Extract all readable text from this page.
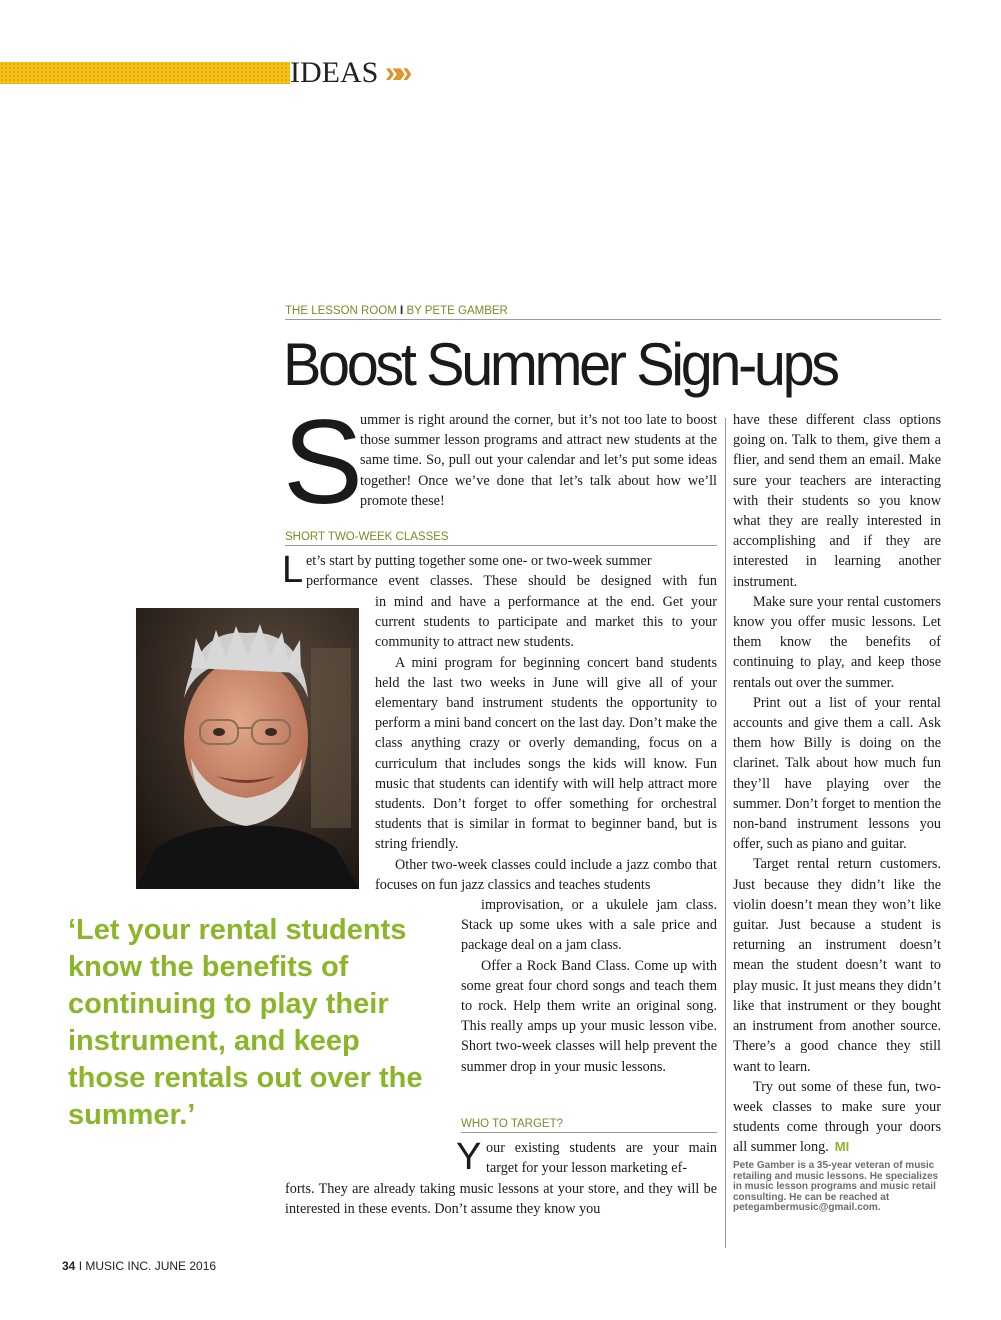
IDEAS »»
THE LESSON ROOM I BY PETE GAMBER
Boost Summer Sign-ups
S

ummer is right around the corner, but it’s not too late to boost those summer lesson programs and attract new students at the same time. So, pull out your calendar and let’s put some ideas together! Once we’ve done that let’s talk about how we’ll promote these!

SHORT TWO-WEEK CLASSES
L et’s start by putting together some one- or two-week summer

performance event classes. These should be designed with fun

in mind and have a performance at the end. Get your current students to participate and market this to your community to attract new students.

A mini program for beginning concert band students held the last two weeks in June will give all of your elementary band instrument students the opportunity to perform a mini band concert on the last day. Don’t make the class anything crazy or overly demanding, focus on a curriculum that includes songs the kids will know. Fun music that students can identify with will help attract more students. Don’t forget to offer something for orchestral students that is similar in format to beginner band, but is string friendly.

Other two-week classes could include a jazz combo that focuses on fun jazz classics and teaches students

improvisation, or a ukulele jam class. Stack up some ukes with a sale price and package deal on a jam class.

Offer a Rock Band Class. Come up with some great four chord songs and teach them to rock. Help them write an original song. This really amps up your music lesson vibe. Short two-week classes will help prevent the summer drop in your music lessons.

‘Let your rental students know the benefits of continuing to play their instrument, and keep those rentals out over the summer.’	WHO TO TARGET?
Y our existing students are your main target for your lesson marketing ef-

forts. They are already taking music lessons at your store, and they will be interested in these events. Don’t assume they know you

have these different class options going on. Talk to them, give them a flier, and send them an email. Make sure your teachers are interacting with their students so you know what they are really interested in accomplishing and if they are interested in learning another instrument.

Make sure your rental customers know you offer music lessons. Let them know the benefits of continuing to play, and keep those rentals out over the summer.

Print out a list of your rental accounts and give them a call. Ask them how Billy is doing on the clarinet. Talk about how much fun they’ll have playing over the summer. Don’t forget to mention the non-band instrument lessons you offer, such as piano and guitar.

Target rental return customers. Just because they didn’t like the violin doesn’t mean they won’t like guitar. Just because a student is returning an instrument doesn’t mean the student doesn’t want to play music. It just means they didn’t like that instrument or they bought an instrument from another source. There’s a good chance they still want to learn.

Try out some of these fun, two-week classes to make sure your students come through your doors all summer long. MI

Pete Gamber is a 35-year veteran of music retailing and music lessons. He specializes in music lesson programs and music retail consulting. He can be reached at petegambermusic@gmail.com.
34 I MUSIC INC. JUNE 2016
